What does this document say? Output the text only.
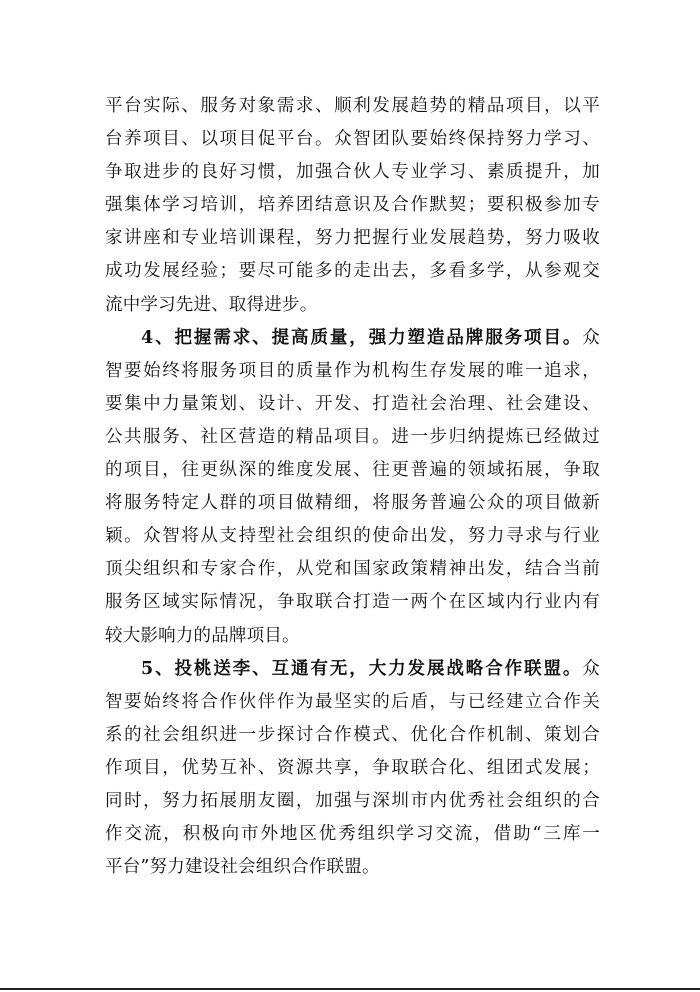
平台实际、服务对象需求、顺利发展趋势的精品项目，以平
台养项目、以项目促平台。众智团队要始终保持努力学习、
争取进步的良好习惯，加强合伙人专业学习、素质提升，加
强集体学习培训，培养团结意识及合作默契；要积极参加专
家讲座和专业培训课程，努力把握行业发展趋势，努力吸收
成功发展经验；要尽可能多的走出去，多看多学，从参观交
流中学习先进、取得进步。
4、把握需求、提高质量，强力塑造品牌服务项目。众
智要始终将服务项目的质量作为机构生存发展的唯一追求，
要集中力量策划、设计、开发、打造社会治理、社会建设、
公共服务、社区营造的精品项目。进一步归纳提炼已经做过
的项目，往更纵深的维度发展、往更普遍的领域拓展，争取
将服务特定人群的项目做精细，将服务普遍公众的项目做新
颖。众智将从支持型社会组织的使命出发，努力寻求与行业
顶尖组织和专家合作，从党和国家政策精神出发，结合当前
服务区域实际情况，争取联合打造一两个在区域内行业内有
较大影响力的品牌项目。
5、投桃送李、互通有无，大力发展战略合作联盟。众
智要始终将合作伙伴作为最坚实的后盾，与已经建立合作关
系的社会组织进一步探讨合作模式、优化合作机制、策划合
作项目，优势互补、资源共享，争取联合化、组团式发展；
同时，努力拓展朋友圈，加强与深圳市内优秀社会组织的合
作交流，积极向市外地区优秀组织学习交流，借助“三库一
平台”努力建设社会组织合作联盟。
